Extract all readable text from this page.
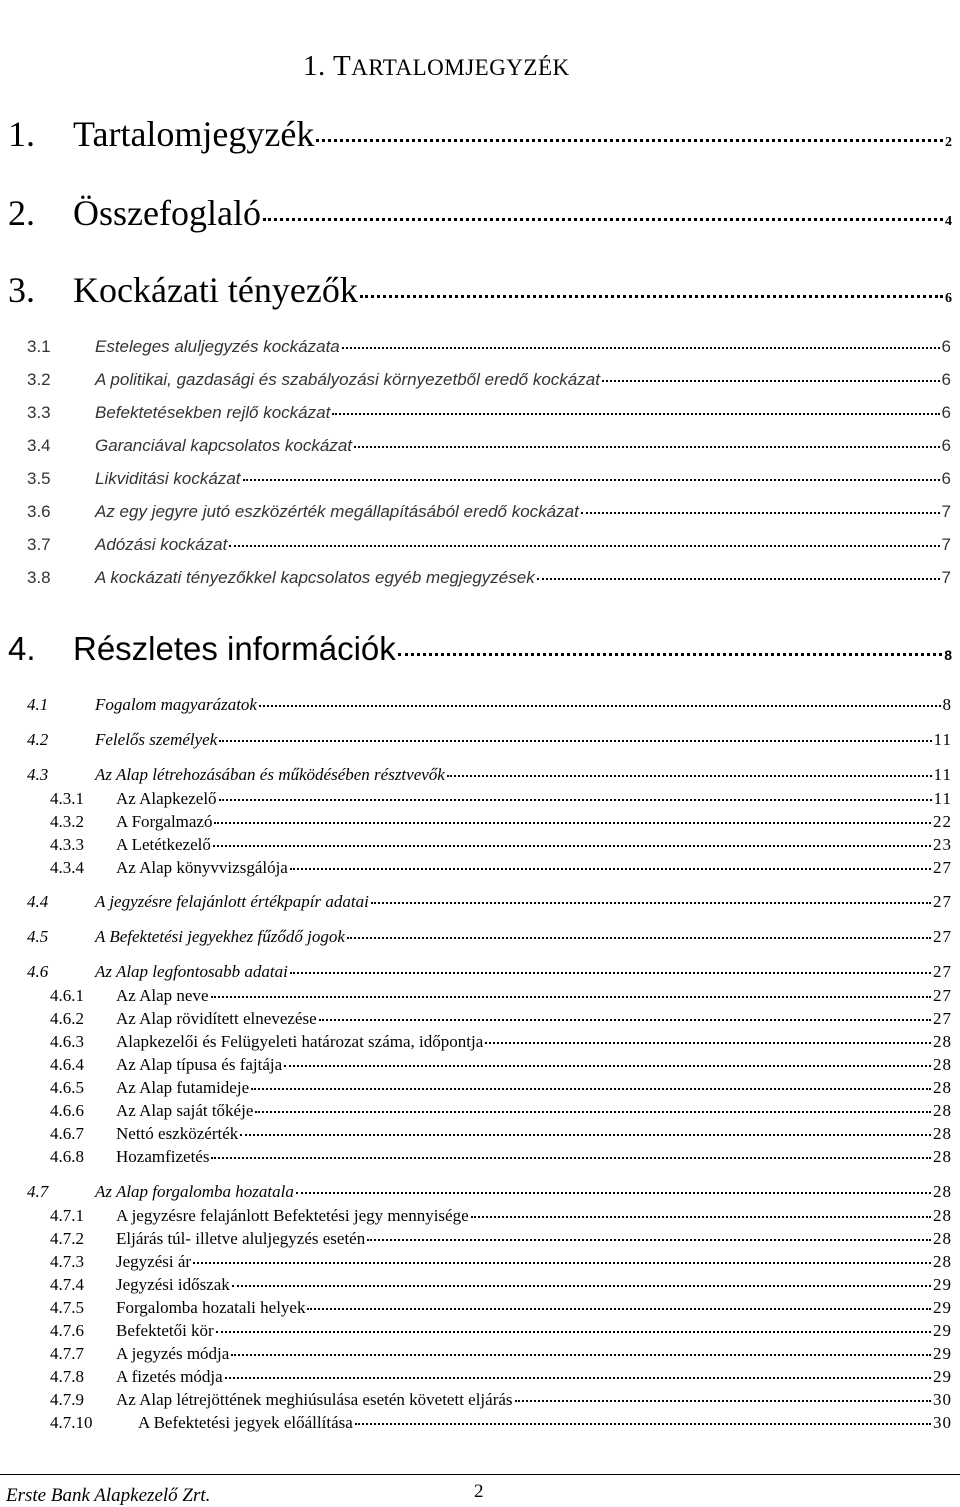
1. TARTALOMJEGYZÉK
1.	Tartalomjegyzék	2
2.	Összefoglaló	4
3.	Kockázati tényezők	6
3.1	Esteleges aluljegyzés kockázata	6
3.2	A politikai, gazdasági és szabályozási környezetből eredő kockázat	6
3.3	Befektetésekben rejlő kockázat	6
3.4	Garanciával kapcsolatos kockázat	6
3.5	Likviditási kockázat	6
3.6	Az egy jegyre jutó eszközérték megállapításából eredő kockázat	7
3.7	Adózási kockázat	7
3.8	A kockázati tényezőkkel kapcsolatos egyéb megjegyzések	7
4.	Részletes információk	8
4.1	Fogalom magyarázatok	8
4.2	Felelős személyek	11
4.3	Az Alap létrehozásában és működésében résztvevők	11
4.3.1	Az Alapkezelő	11
4.3.2	A Forgalmazó	22
4.3.3	A Letétkezelő	23
4.3.4	Az Alap könyvvizsgálója	27
4.4	A jegyzésre felajánlott értékpapír adatai	27
4.5	A Befektetési jegyekhez fűződő jogok	27
4.6	Az Alap legfontosabb adatai	27
4.6.1	Az Alap neve	27
4.6.2	Az Alap rövidített elnevezése	27
4.6.3	Alapkezelői és Felügyeleti határozat száma, időpontja	28
4.6.4	Az Alap típusa és fajtája	28
4.6.5	Az Alap futamideje	28
4.6.6	Az Alap saját tőkéje	28
4.6.7	Nettó eszközérték	28
4.6.8	Hozamfizetés	28
4.7	Az Alap forgalomba hozatala	28
4.7.1	A jegyzésre felajánlott Befektetési jegy mennyisége	28
4.7.2	Eljárás túl- illetve aluljegyzés esetén	28
4.7.3	Jegyzési ár	28
4.7.4	Jegyzési időszak	29
4.7.5	Forgalomba hozatali helyek	29
4.7.6	Befektetői kör	29
4.7.7	A jegyzés módja	29
4.7.8	A fizetés módja	29
4.7.9	Az Alap létrejöttének meghiúsulása esetén követett eljárás	30
4.7.10	A Befektetési jegyek előállítása	30
Erste Bank Alapkezelő Zrt.	2
